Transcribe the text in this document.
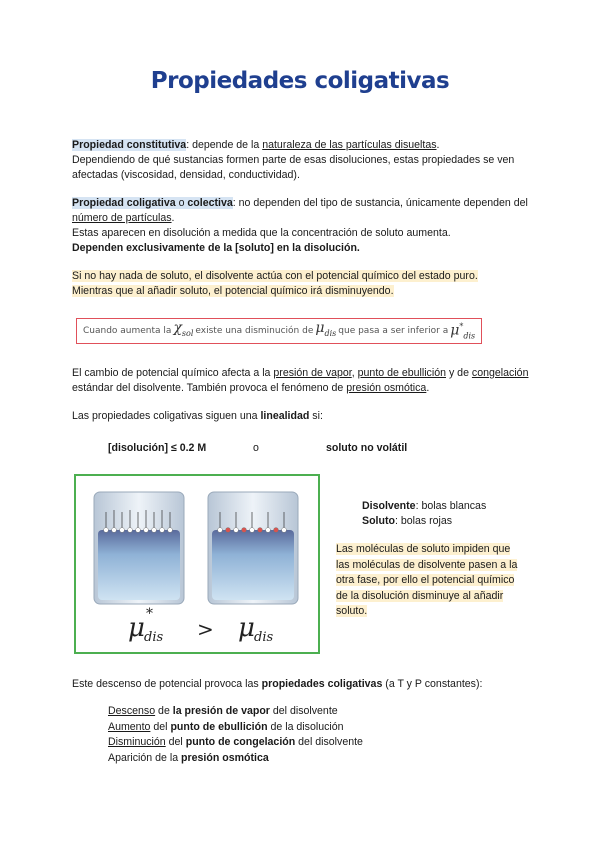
Propiedades coligativas
Propiedad constitutiva: depende de la naturaleza de las partículas disueltas.
Dependiendo de qué sustancias formen parte de esas disoluciones, estas propiedades se ven afectadas (viscosidad, densidad, conductividad).
Propiedad coligativa o colectiva: no dependen del tipo de sustancia, únicamente dependen del número de partículas.
Estas aparecen en disolución a medida que la concentración de soluto aumenta.
Dependen exclusivamente de la [soluto] en la disolución.
Si no hay nada de soluto, el disolvente actúa con el potencial químico del estado puro.
Mientras que al añadir soluto, el potencial químico irá disminuyendo.
Cuando aumenta la $\chi_{sol}$ existe una disminución de $\mu_{dis}$ que pasa a ser inferior a $\mu^*_{dis}$
El cambio de potencial químico afecta a la presión de vapor, punto de ebullición y de congelación estándar del disolvente. También provoca el fenómeno de presión osmótica.
Las propiedades coligativas siguen una linealidad si:
[disolución] ≤ 0.2 M	o	soluto no volátil
μ *
dis > μ dis
Disolvente: bolas blancas
Soluto: bolas rojas
Las moléculas de soluto impiden que las moléculas de disolvente pasen a la otra fase, por ello el potencial químico de la disolución disminuye al añadir soluto.
Este descenso de potencial provoca las propiedades coligativas (a T y P constantes):
Descenso de la presión de vapor del disolvente
Aumento del punto de ebullición de la disolución
Disminución del punto de congelación del disolvente
Aparición de la presión osmótica
